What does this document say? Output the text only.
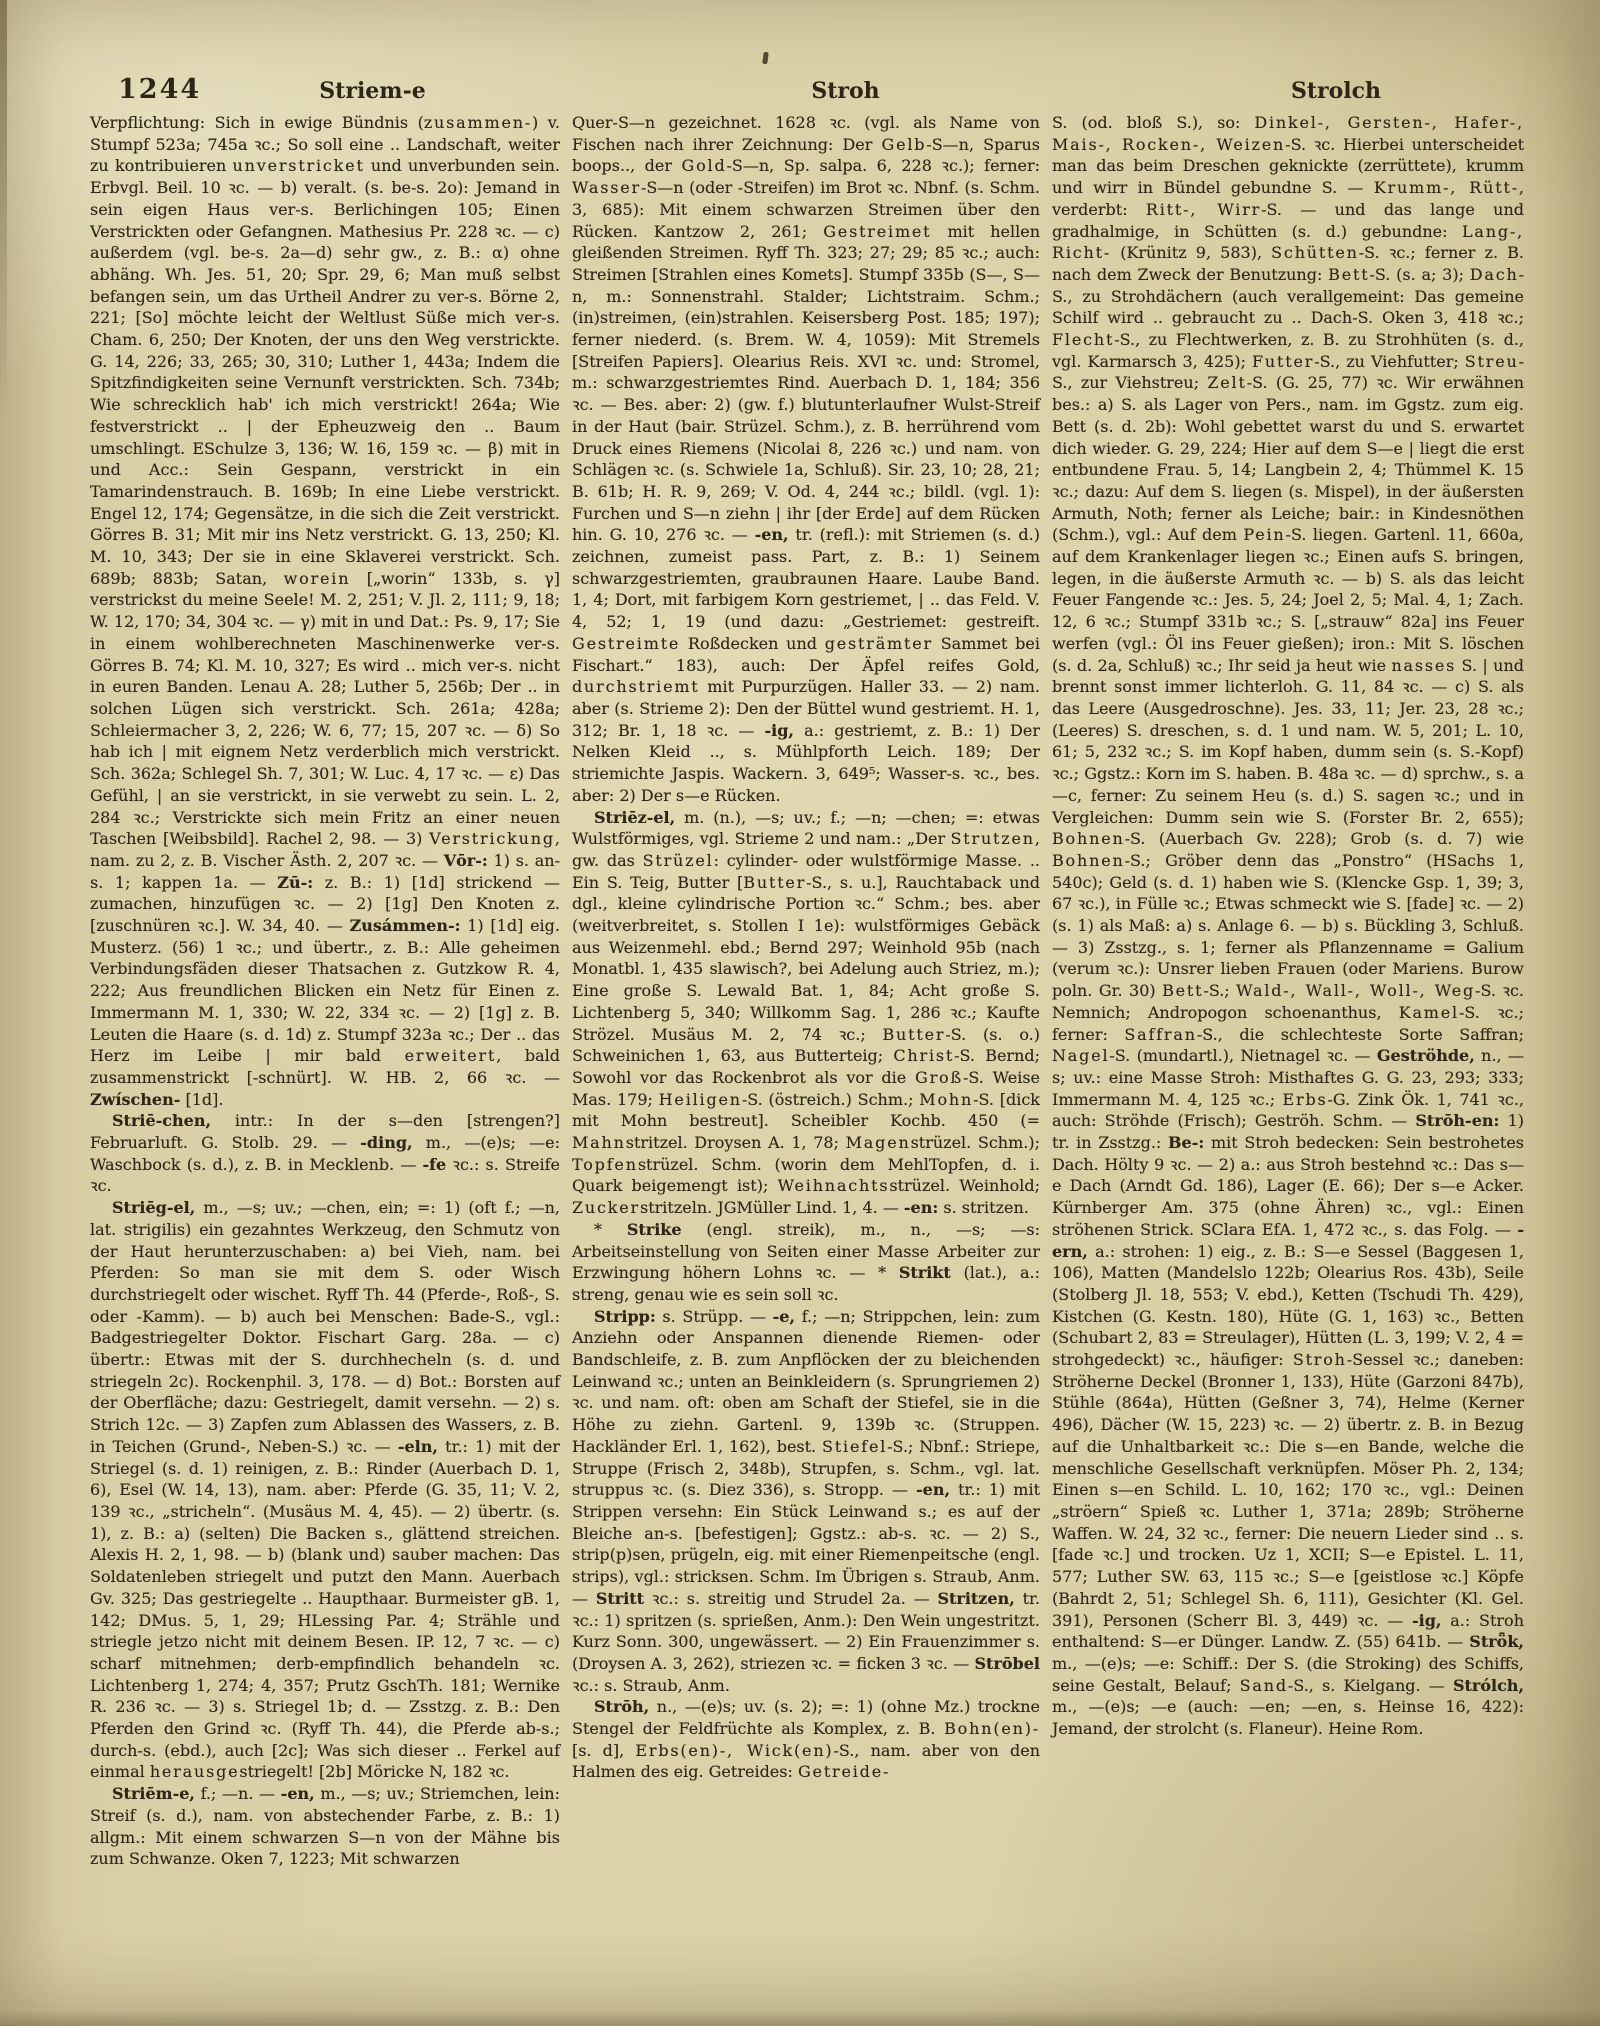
1244	Striem-e	Stroh	Strolch
Verpflichtung: Sich in ewige Bündnis (zusammen-) v. Stumpf 523a; 745a ꝛc.; So soll eine .. Landschaft, weiter zu kontribuieren unverstricket und unverbunden sein. Erbvgl. Beil. 10 ꝛc. — b) veralt. (s. be-s. 2o): Jemand in sein eigen Haus ver-s. Berlichingen 105; Einen Verstrickten oder Gefangnen. Mathesius Pr. 228 ꝛc. — c) außerdem (vgl. be-s. 2a—d) sehr gw., z. B.: α) ohne abhäng. Wh. Jes. 51, 20; Spr. 29, 6; Man muß selbst befangen sein, um das Urtheil Andrer zu ver-s. Börne 2, 221; [So] möchte leicht der Weltlust Süße mich ver-s. Cham. 6, 250; Der Knoten, der uns den Weg verstrickte. G. 14, 226; 33, 265; 30, 310; Luther 1, 443a; Indem die Spitzfindigkeiten seine Vernunft verstrickten. Sch. 734b; Wie schrecklich hab' ich mich verstrickt! 264a; Wie festverstrickt .. | der Epheuzweig den .. Baum umschlingt. ESchulze 3, 136; W. 16, 159 ꝛc. — β) mit in und Acc.: Sein Gespann, verstrickt in ein Tamarindenstrauch. B. 169b; In eine Liebe verstrickt. Engel 12, 174; Gegensätze, in die sich die Zeit verstrickt. Görres B. 31; Mit mir ins Netz verstrickt. G. 13, 250; Kl. M. 10, 343; Der sie in eine Sklaverei verstrickt. Sch. 689b; 883b; Satan, worein [„worin“ 133b, s. γ] verstrickst du meine Seele! M. 2, 251; V. Jl. 2, 111; 9, 18; W. 12, 170; 34, 304 ꝛc. — γ) mit in und Dat.: Ps. 9, 17; Sie in einem wohlberechneten Maschinenwerke ver-s. Görres B. 74; Kl. M. 10, 327; Es wird .. mich ver-s. nicht in euren Banden. Lenau A. 28; Luther 5, 256b; Der .. in solchen Lügen sich verstrickt. Sch. 261a; 428a; Schleiermacher 3, 2, 226; W. 6, 77; 15, 207 ꝛc. — δ) So hab ich | mit eignem Netz verderblich mich verstrickt. Sch. 362a; Schlegel Sh. 7, 301; W. Luc. 4, 17 ꝛc. — ε) Das Gefühl, | an sie verstrickt, in sie verwebt zu sein. L. 2, 284 ꝛc.; Verstrickte sich mein Fritz an einer neuen Taschen [Weibsbild]. Rachel 2, 98. — 3) Verstrickung, nam. zu 2, z. B. Vischer Ästh. 2, 207 ꝛc. — Vōr-: 1) s. an-s. 1; kappen 1a. — Zū-: z. B.: 1) [1d] strickend — zumachen, hinzufügen ꝛc. — 2) [1g] Den Knoten z. [zuschnüren ꝛc.]. W. 34, 40. — Zusámmen-: 1) [1d] eig. Musterz. (56) 1 ꝛc.; und übertr., z. B.: Alle geheimen Verbindungsfäden dieser Thatsachen z. Gutzkow R. 4, 222; Aus freundlichen Blicken ein Netz für Einen z. Immermann M. 1, 330; W. 22, 334 ꝛc. — 2) [1g] z. B. Leuten die Haare (s. d. 1d) z. Stumpf 323a ꝛc.; Der .. das Herz im Leibe | mir bald erweitert, bald zusammenstrickt [-schnürt]. W. HB. 2, 66 ꝛc. — Zwíschen- [1d].
Striē-chen, intr.: In der s—den [strengen?] Februarluft. G. Stolb. 29. — -ding, m., —(e)s; —e: Waschbock (s. d.), z. B. in Mecklenb. — -fe ꝛc.: s. Streife ꝛc.
Striēg-el, m., —s; uv.; —chen, ein; =: 1) (oft f.; —n, lat. strigilis) ein gezahntes Werkzeug, den Schmutz von der Haut herunterzuschaben: a) bei Vieh, nam. bei Pferden: So man sie mit dem S. oder Wisch durchstriegelt oder wischet. Ryff Th. 44 (Pferde-, Roß-, S. oder -Kamm). — b) auch bei Menschen: Bade-S., vgl.: Badgestriegelter Doktor. Fischart Garg. 28a. — c) übertr.: Etwas mit der S. durchhecheln (s. d. und striegeln 2c). Rockenphil. 3, 178. — d) Bot.: Borsten auf der Oberfläche; dazu: Gestriegelt, damit versehn. — 2) s. Strich 12c. — 3) Zapfen zum Ablassen des Wassers, z. B. in Teichen (Grund-, Neben-S.) ꝛc. — -eln, tr.: 1) mit der Striegel (s. d. 1) reinigen, z. B.: Rinder (Auerbach D. 1, 6), Esel (W. 14, 13), nam. aber: Pferde (G. 35, 11; V. 2, 139 ꝛc., „stricheln“. (Musäus M. 4, 45). — 2) übertr. (s. 1), z. B.: a) (selten) Die Backen s., glättend streichen. Alexis H. 2, 1, 98. — b) (blank und) sauber machen: Das Soldatenleben striegelt und putzt den Mann. Auerbach Gv. 325; Das gestriegelte .. Haupthaar. Burmeister gB. 1, 142; DMus. 5, 1, 29; HLessing Par. 4; Strähle und striegle jetzo nicht mit deinem Besen. IP. 12, 7 ꝛc. — c) scharf mitnehmen; derb-empfindlich behandeln ꝛc. Lichtenberg 1, 274; 4, 357; Prutz GschTh. 181; Wernike R. 236 ꝛc. — 3) s. Striegel 1b; d. — Zsstzg. z. B.: Den Pferden den Grind ꝛc. (Ryff Th. 44), die Pferde ab-s.; durch-s. (ebd.), auch [2c]; Was sich dieser .. Ferkel auf einmal herausgestriegelt! [2b] Möricke N, 182 ꝛc.
Striēm-e, f.; —n. — -en, m., —s; uv.; Striemchen, lein: Streif (s. d.), nam. von abstechender Farbe, z. B.: 1) allgm.: Mit einem schwarzen S—n von der Mähne bis zum Schwanze. Oken 7, 1223; Mit schwarzen
Quer-S—n gezeichnet. 1628 ꝛc. (vgl. als Name von Fischen nach ihrer Zeichnung: Der Gelb-S—n, Sparus boops.., der Gold-S—n, Sp. salpa. 6, 228 ꝛc.); ferner: Wasser-S—n (oder -Streifen) im Brot ꝛc. Nbnf. (s. Schm. 3, 685): Mit einem schwarzen Streimen über den Rücken. Kantzow 2, 261; Gestreimet mit hellen gleißenden Streimen. Ryff Th. 323; 27; 29; 85 ꝛc.; auch: Streimen [Strahlen eines Komets]. Stumpf 335b (S—, S—n, m.: Sonnenstrahl. Stalder; Lichtstraim. Schm.; (in)streimen, (ein)strahlen. Keisersberg Post. 185; 197); ferner niederd. (s. Brem. W. 4, 1059): Mit Stremels [Streifen Papiers]. Olearius Reis. XVI ꝛc. und: Stromel, m.: schwarzgestriemtes Rind. Auerbach D. 1, 184; 356 ꝛc. — Bes. aber: 2) (gw. f.) blutunterlaufner Wulst-Streif in der Haut (bair. Strüzel. Schm.), z. B. herrührend vom Druck eines Riemens (Nicolai 8, 226 ꝛc.) und nam. von Schlägen ꝛc. (s. Schwiele 1a, Schluß). Sir. 23, 10; 28, 21; B. 61b; H. R. 9, 269; V. Od. 4, 244 ꝛc.; bildl. (vgl. 1): Furchen und S—n ziehn | ihr [der Erde] auf dem Rücken hin. G. 10, 276 ꝛc. — -en, tr. (refl.): mit Striemen (s. d.) zeichnen, zumeist pass. Part, z. B.: 1) Seinem schwarzgestriemten, graubraunen Haare. Laube Band. 1, 4; Dort, mit farbigem Korn gestriemet, | .. das Feld. V. 4, 52; 1, 19 (und dazu: „Gestriemet: gestreift. Gestreimte Roßdecken und gesträmter Sammet bei Fischart.“ 183), auch: Der Äpfel reifes Gold, durchstriemt mit Purpurzügen. Haller 33. — 2) nam. aber (s. Strieme 2): Den der Büttel wund gestriemt. H. 1, 312; Br. 1, 18 ꝛc. — -ig, a.: gestriemt, z. B.: 1) Der Nelken Kleid .., s. Mühlpforth Leich. 189; Der striemichte Jaspis. Wackern. 3, 649⁵; Wasser-s. ꝛc., bes. aber: 2) Der s—e Rücken.
Striēz-el, m. (n.), —s; uv.; f.; —n; —chen; =: etwas Wulstförmiges, vgl. Strieme 2 und nam.: „Der Strutzen, gw. das Strüzel: cylinder- oder wulstförmige Masse. .. Ein S. Teig, Butter [Butter-S., s. u.], Rauchtaback und dgl., kleine cylindrische Portion ꝛc.“ Schm.; bes. aber (weitverbreitet, s. Stollen I 1e): wulstförmiges Gebäck aus Weizenmehl. ebd.; Bernd 297; Weinhold 95b (nach Monatbl. 1, 435 slawisch?, bei Adelung auch Striez, m.); Eine große S. Lewald Bat. 1, 84; Acht große S. Lichtenberg 5, 340; Willkomm Sag. 1, 286 ꝛc.; Kaufte Strözel. Musäus M. 2, 74 ꝛc.; Butter-S. (s. o.) Schweinichen 1, 63, aus Butterteig; Christ-S. Bernd; Sowohl vor das Rockenbrot als vor die Groß-S. Weise Mas. 179; Heiligen-S. (östreich.) Schm.; Mohn-S. [dick mit Mohn bestreut]. Scheibler Kochb. 450 (= Mahnstritzel. Droysen A. 1, 78; Magenstrüzel. Schm.); Topfenstrüzel. Schm. (worin dem MehlTopfen, d. i. Quark beigemengt ist); Weihnachtsstrüzel. Weinhold; Zuckerstritzeln. JGMüller Lind. 1, 4. — -en: s. stritzen.
* Strike (engl. streik), m., n., —s; —s: Arbeitseinstellung von Seiten einer Masse Arbeiter zur Erzwingung höhern Lohns ꝛc. — * Strikt (lat.), a.: streng, genau wie es sein soll ꝛc.
Stripp: s. Strüpp. — -e, f.; —n; Strippchen, lein: zum Anziehn oder Anspannen dienende Riemen- oder Bandschleife, z. B. zum Anpflöcken der zu bleichenden Leinwand ꝛc.; unten an Beinkleidern (s. Sprungriemen 2) ꝛc. und nam. oft: oben am Schaft der Stiefel, sie in die Höhe zu ziehn. Gartenl. 9, 139b ꝛc. (Struppen. Hackländer Erl. 1, 162), best. Stiefel-S.; Nbnf.: Striepe, Struppe (Frisch 2, 348b), Strupfen, s. Schm., vgl. lat. struppus ꝛc. (s. Diez 336), s. Stropp. — -en, tr.: 1) mit Strippen versehn: Ein Stück Leinwand s.; es auf der Bleiche an-s. [befestigen]; Ggstz.: ab-s. ꝛc. — 2) S., strip(p)sen, prügeln, eig. mit einer Riemenpeitsche (engl. strips), vgl.: stricksen. Schm. Im Übrigen s. Straub, Anm. — Stritt ꝛc.: s. streitig und Strudel 2a. — Stritzen, tr. ꝛc.: 1) spritzen (s. sprießen, Anm.): Den Wein ungestritzt. Kurz Sonn. 300, ungewässert. — 2) Ein Frauenzimmer s. (Droysen A. 3, 262), striezen ꝛc. = ficken 3 ꝛc. — Strōbel ꝛc.: s. Straub, Anm.
Strōh, n., —(e)s; uv. (s. 2); =: 1) (ohne Mz.) trockne Stengel der Feldfrüchte als Komplex, z. B. Bohn(en)- [s. d], Erbs(en)-, Wick(en)-S., nam. aber von den Halmen des eig. Getreides: Getreide-
S. (od. bloß S.), so: Dinkel-, Gersten-, Hafer-, Mais-, Rocken-, Weizen-S. ꝛc. Hierbei unterscheidet man das beim Dreschen geknickte (zerrüttete), krumm und wirr in Bündel gebundne S. — Krumm-, Rütt-, verderbt: Ritt-, Wirr-S. — und das lange und gradhalmige, in Schütten (s. d.) gebundne: Lang-, Richt- (Krünitz 9, 583), Schütten-S. ꝛc.; ferner z. B. nach dem Zweck der Benutzung: Bett-S. (s. a; 3); Dach-S., zu Strohdächern (auch verallgemeint: Das gemeine Schilf wird .. gebraucht zu .. Dach-S. Oken 3, 418 ꝛc.; Flecht-S., zu Flechtwerken, z. B. zu Strohhüten (s. d., vgl. Karmarsch 3, 425); Futter-S., zu Viehfutter; Streu-S., zur Viehstreu; Zelt-S. (G. 25, 77) ꝛc. Wir erwähnen bes.: a) S. als Lager von Pers., nam. im Ggstz. zum eig. Bett (s. d. 2b): Wohl gebettet warst du und S. erwartet dich wieder. G. 29, 224; Hier auf dem S—e | liegt die erst entbundene Frau. 5, 14; Langbein 2, 4; Thümmel K. 15 ꝛc.; dazu: Auf dem S. liegen (s. Mispel), in der äußersten Armuth, Noth; ferner als Leiche; bair.: in Kindesnöthen (Schm.), vgl.: Auf dem Pein-S. liegen. Gartenl. 11, 660a, auf dem Krankenlager liegen ꝛc.; Einen aufs S. bringen, legen, in die äußerste Armuth ꝛc. — b) S. als das leicht Feuer Fangende ꝛc.: Jes. 5, 24; Joel 2, 5; Mal. 4, 1; Zach. 12, 6 ꝛc.; Stumpf 331b ꝛc.; S. [„strauw“ 82a] ins Feuer werfen (vgl.: Öl ins Feuer gießen); iron.: Mit S. löschen (s. d. 2a, Schluß) ꝛc.; Ihr seid ja heut wie nasses S. | und brennt sonst immer lichterloh. G. 11, 84 ꝛc. — c) S. als das Leere (Ausgedroschne). Jes. 33, 11; Jer. 23, 28 ꝛc.; (Leeres) S. dreschen, s. d. 1 und nam. W. 5, 201; L. 10, 61; 5, 232 ꝛc.; S. im Kopf haben, dumm sein (s. S.-Kopf) ꝛc.; Ggstz.: Korn im S. haben. B. 48a ꝛc. — d) sprchw., s. a—c, ferner: Zu seinem Heu (s. d.) S. sagen ꝛc.; und in Vergleichen: Dumm sein wie S. (Forster Br. 2, 655); Bohnen-S. (Auerbach Gv. 228); Grob (s. d. 7) wie Bohnen-S.; Gröber denn das „Ponstro“ (HSachs 1, 540c); Geld (s. d. 1) haben wie S. (Klencke Gsp. 1, 39; 3, 67 ꝛc.), in Fülle ꝛc.; Etwas schmeckt wie S. [fade] ꝛc. — 2) (s. 1) als Maß: a) s. Anlage 6. — b) s. Bückling 3, Schluß. — 3) Zsstzg., s. 1; ferner als Pflanzenname = Galium (verum ꝛc.): Unsrer lieben Frauen (oder Mariens. Burow poln. Gr. 30) Bett-S.; Wald-, Wall-, Woll-, Weg-S. ꝛc. Nemnich; Andropogon schoenanthus, Kamel-S. ꝛc.; ferner: Saffran-S., die schlechteste Sorte Saffran; Nagel-S. (mundartl.), Nietnagel ꝛc. — Geströhde, n., —s; uv.: eine Masse Stroh: Misthaftes G. G. 23, 293; 333; Immermann M. 4, 125 ꝛc.; Erbs-G. Zink Ök. 1, 741 ꝛc., auch: Ströhde (Frisch); Geströh. Schm. — Strōh-en: 1) tr. in Zsstzg.: Be-: mit Stroh bedecken: Sein bestrohetes Dach. Hölty 9 ꝛc. — 2) a.: aus Stroh bestehnd ꝛc.: Das s—e Dach (Arndt Gd. 186), Lager (E. 66); Der s—e Acker. Kürnberger Am. 375 (ohne Ähren) ꝛc., vgl.: Einen ströhenen Strick. SClara EfA. 1, 472 ꝛc., s. das Folg. — -ern, a.: strohen: 1) eig., z. B.: S—e Sessel (Baggesen 1, 106), Matten (Mandelslo 122b; Olearius Ros. 43b), Seile (Stolberg Jl. 18, 553; V. ebd.), Ketten (Tschudi Th. 429), Kistchen (G. Kestn. 180), Hüte (G. 1, 163) ꝛc., Betten (Schubart 2, 83 = Streulager), Hütten (L. 3, 199; V. 2, 4 = strohgedeckt) ꝛc., häufiger: Stroh-Sessel ꝛc.; daneben: Ströherne Deckel (Bronner 1, 133), Hüte (Garzoni 847b), Stühle (864a), Hütten (Geßner 3, 74), Helme (Kerner 496), Dächer (W. 15, 223) ꝛc. — 2) übertr. z. B. in Bezug auf die Unhaltbarkeit ꝛc.: Die s—en Bande, welche die menschliche Gesellschaft verknüpfen. Möser Ph. 2, 134; Einen s—en Schild. L. 10, 162; 170 ꝛc., vgl.: Deinen „ströern“ Spieß ꝛc. Luther 1, 371a; 289b; Ströherne Waffen. W. 24, 32 ꝛc., ferner: Die neuern Lieder sind .. s. [fade ꝛc.] und trocken. Uz 1, XCII; S—e Epistel. L. 11, 577; Luther SW. 63, 115 ꝛc.; S—e [geistlose ꝛc.] Köpfe (Bahrdt 2, 51; Schlegel Sh. 6, 111), Gesichter (Kl. Gel. 391), Personen (Scherr Bl. 3, 449) ꝛc. — -ig, a.: Stroh enthaltend: S—er Dünger. Landw. Z. (55) 641b. — Strȫk, m., —(e)s; —e: Schiff.: Der S. (die Stroking) des Schiffs, seine Gestalt, Belauf; Sand-S., s. Kielgang. — Strólch, m., —(e)s; —e (auch: —en; —en, s. Heinse 16, 422): Jemand, der strolcht (s. Flaneur). Heine Rom.
